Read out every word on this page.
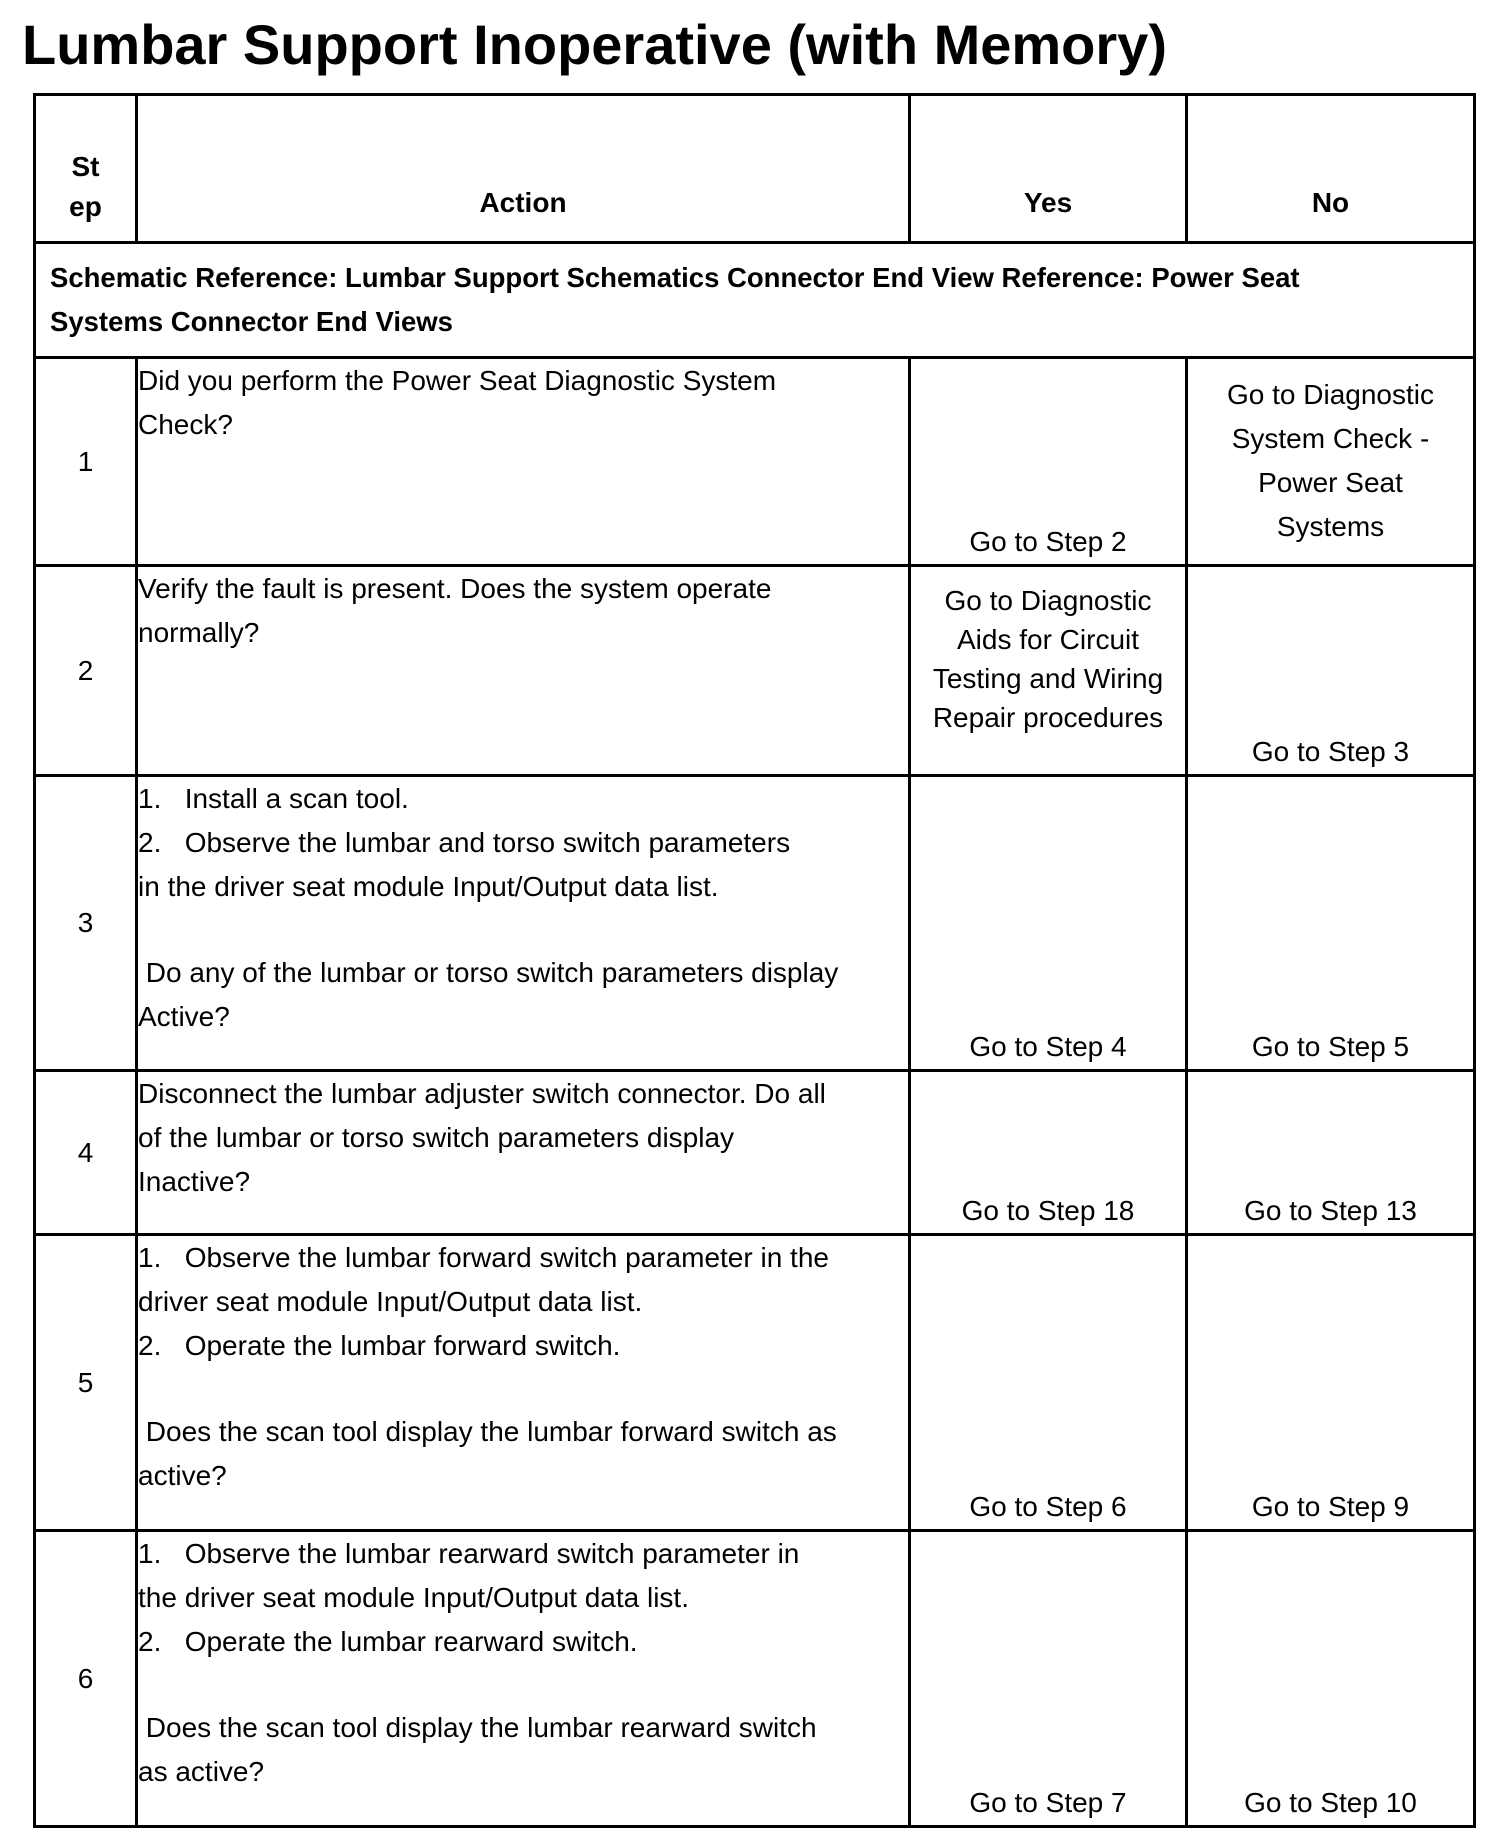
Lumbar Support Inoperative (with Memory)
St
ep	Action	Yes	No

Schematic Reference: Lumbar Support Schematics Connector End View Reference: Power Seat
Systems Connector End Views			

1	Did you perform the Power Seat Diagnostic System
Check?	Go to Step 2	Go to Diagnostic
System Check -
Power Seat
Systems

2	Verify the fault is present. Does the system operate
normally?	Go to Diagnostic
Aids for Circuit
Testing and Wiring
Repair procedures	Go to Step 3
3	1.   Install a scan tool.
2.   Observe the lumbar and torso switch parameters
in the driver seat module Input/Output data list.
Do any of the lumbar or torso switch parameters display
Active?	Go to Step 4	Go to Step 5
4	Disconnect the lumbar adjuster switch connector. Do all
of the lumbar or torso switch parameters display
Inactive?	Go to Step 18	Go to Step 13
5	1.   Observe the lumbar forward switch parameter in the
driver seat module Input/Output data list.
2.   Operate the lumbar forward switch.
Does the scan tool display the lumbar forward switch as
active?	Go to Step 6	Go to Step 9
6	1.   Observe the lumbar rearward switch parameter in
the driver seat module Input/Output data list.
2.   Operate the lumbar rearward switch.
Does the scan tool display the lumbar rearward switch
as active?	Go to Step 7	Go to Step 10
